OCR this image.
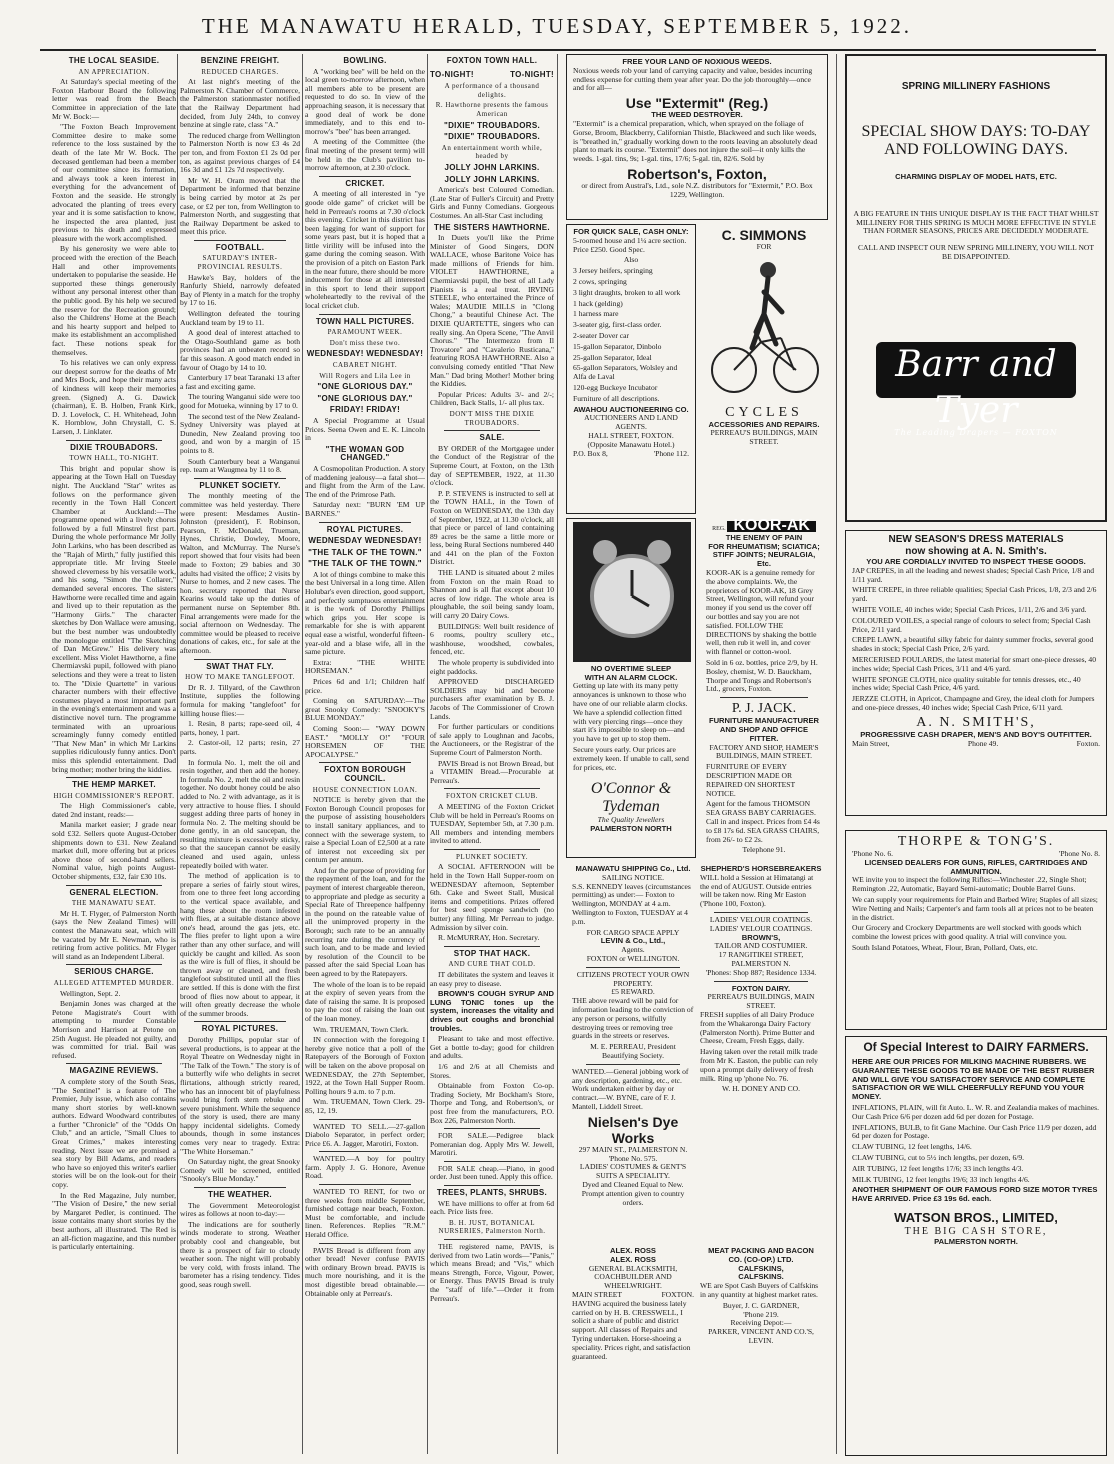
THE MANAWATU HERALD, TUESDAY, SEPTEMBER 5, 1922.
THE LOCAL SEASIDE.
AN APPRECIATION.

At Saturday's special meeting of the Foxton Harbour Board the following letter was read from the Beach Committee in appreciation of the late Mr W. Bock:—

"The Foxton Beach Improvement Committee desire to make some reference to the loss sustained by the death of the late Mr W. Bock. The deceased gentleman had been a member of our committee since its formation, and always took a keen interest in everything for the advancement of Foxton and the seaside. He strongly advocated the planting of trees every year and it is some satisfaction to know, he inspected the area planted, just previous to his death and expressed pleasure with the work accomplished.

By his generosity we were able to proceed with the erection of the Beach Hall and other improvements undertaken to popularise the seaside. He supported these things generously without any personal interest other than the public good. By his help we secured the reserve for the Recreation ground; also the Childrens' Home at the Beach and his hearty support and helped to make its establishment an accomplished fact. These notions speak for themselves.

To his relatives we can only express our deepest sorrow for the deaths of Mr and Mrs Bock, and hope their many acts of kindness will keep their memories green. (Signed) A. G. Dawick (chairman), E. B. Holben, Frank Kirk, D. J. Lovelock, C. H. Whitehead, John K. Hornblow, John Chrystall, C. S. Larsen, J. Linklater.

DIXIE TROUBADORS.
TOWN HALL, TO-NIGHT.

This bright and popular show is appearing at the Town Hall on Tuesday night. The Auckland "Star" writes as follows on the performance given recently in the Town Hall Concert Chamber at Auckland:—The programme opened with a lively chorus followed by a full Minstrel first part. During the whole performance Mr Jolly John Larkins, who has been described as the "Rajah of Mirth," fully justified this appropriate title. Mr Irving Steele showed cleverness by his versatile work, and his song, "Simon the Collarer," demanded several encores. The sisters Hawthorne were recalled time and again and lived up to their reputation as the "Harmony Girls." The character sketches by Don Wallace were amusing, but the best number was undoubtedly the monologue entitled "The Sketching of Dan McGrew." His delivery was excellent. Miss Violet Hawthorne, a fine Chermiavski pupil, followed with piano selections and they were a treat to listen to. The "Dixie Quartette" in various character numbers with their effective costumes played a most important part in the evening's entertainment and was a distinctive novel turn. The programme terminated with an uproarious screamingly funny comedy entitled "That New Man" in which Mr Larkins supplies ridiculously funny antics. Don't miss this splendid entertainment. Dad bring mother; mother bring the kiddies.

THE HEMP MARKET.
HIGH COMMISSIONER'S REPORT.

The High Commissioner's cable, dated 2nd instant, reads:—

Manila market easier; J grade near sold £32. Sellers quote August-October shipments down to £31. New Zealand market dull, more offering but at prices above those of second-hand sellers. Nominal value, high points August-October shipments, £32, fair £30 10s.

GENERAL ELECTION.
THE MANAWATU SEAT.

Mr H. T. Flyger, of Palmerston North (says the New Zealand Times) will contest the Manawatu seat, which will be vacated by Mr E. Newman, who is retiring from active politics. Mr Flyger will stand as an Independent Liberal.

SERIOUS CHARGE.
ALLEGED ATTEMPTED MURDER.

Wellington, Sept. 2.

Benjamin Jones was charged at the Petone Magistrate's Court with attempting to murder Constable Morrison and Harrison at Petone on 25th August. He pleaded not guilty, and was committed for trial. Bail was refused.

MAGAZINE REVIEWS.

A complete story of the South Seas, "The Sentinel" is a feature of The Premier, July issue, which also contains many short stories by well-known authors. Edward Woodward contributes a further "Chronicle" of the "Odds On Club," and an article, "Small Clues to Great Crimes," makes interesting reading. Next issue we are promised a sea story by Bill Adams, and readers who have so enjoyed this writer's earlier stories will be on the look-out for their copy.

In the Red Magazine, July number, "The Vision of Desire," the new serial by Margaret Pedler, is continued. The issue contains many short stories by the best authors, all illustrated. The Red is an all-fiction magazine, and this number is particularly entertaining.

BENZINE FREIGHT.
REDUCED CHARGES.

At last night's meeting of the Palmerston N. Chamber of Commerce, the Palmerston stationmaster notified that the Railway Department had decided, from July 24th, to convey benzine at single rate, class "A."

The reduced charge from Wellington to Palmerston North is now £3 4s 2d per ton, and from Foxton £1 2s 0d per ton, as against previous charges of £4 16s 3d and £1 12s 7d respectively.

Mr W. H. Oram moved that the Department be informed that benzine is being carried by motor at 2s per case, or £2 per ton, from Wellington to Palmerston North, and suggesting that the Railway Department be asked to meet this price.

FOOTBALL.
SATURDAY'S INTER-PROVINCIAL RESULTS.

Hawke's Bay, holders of the Ranfurly Shield, narrowly defeated Bay of Plenty in a match for the trophy by 17 to 16.

Wellington defeated the touring Auckland team by 19 to 11.

A good deal of interest attached to the Otago-Southland game as both provinces had an unbeaten record so far this season. A good match ended in favour of Otago by 14 to 10.

Canterbury 17 beat Taranaki 13 after a fast and exciting game.

The touring Wanganui side were too good for Motueka, winning by 17 to 0.

The second test of the New Zealand-Sydney University was played at Dunedin, New Zealand proving too good, and won by a margin of 15 points to 8.

South Canterbury beat a Wanganui rep. team at Waugmea by 11 to 8.

PLUNKET SOCIETY.

The monthly meeting of the committee was held yesterday. There were present: Mesdames Austin-Johnston (president), F. Robinson, Pearson, F. McDonald, Trueman, Hynes, Christie, Dowley, Moore, Walton, and McMurray. The Nurse's report showed that four visits had been made to Foxton; 29 babies and 30 adults had visited the office; 2 visits by Nurse to homes, and 2 new cases. The hon. secretary reported that Nurse Kearins would take up the duties of permanent nurse on September 8th. Final arrangements were made for the social afternoon on Wednesday. The committee would be pleased to receive donations of cakes, etc., for sale at the afternoon.

SWAT THAT FLY.
HOW TO MAKE TANGLEFOOT.

Dr R. J. Tillyard, of the Cawthron Institute, supplies the following formula for making "tanglefoot" for killing house flies:—

1. Resin, 8 parts; rape-seed oil, 4 parts, honey, 1 part.

2. Castor-oil, 12 parts; resin, 27 parts.

In formula No. 1, melt the oil and resin together, and then add the honey. In formula No. 2, melt the oil and resin together. No doubt honey could be also added to No. 2 with advantage, as it is very attractive to house flies. I should suggest adding three parts of honey in formula No. 2. The melting should be done gently, in an old saucepan, the resulting mixture is excessively sticky, so that the saucepan cannot be easily cleaned and used again, unless repeatedly boiled with water.

The method of application is to prepare a series of fairly stout wires, from one to three feet long according to the vertical space available, and hang these about the room infested with flies, at a suitable distance above one's head, around the gas jets, etc. The flies prefer to light upon a wire rather than any other surface, and will quickly be caught and killed. As soon as the wire is full of flies, it should be thrown away or cleaned, and fresh tanglefoot substituted until all the flies are settled. If this is done with the first brood of flies now about to appear, it will often greatly decrease the whole of the summer broods.

ROYAL PICTURES.

Dorothy Phillips, popular star of several productions, is to appear at the Royal Theatre on Wednesday night in "The Talk of the Town." The story is of a butterfly wife who delights in secret flirtations, although strictly reared, who has an innocent bit of playfulness would bring forth stern rebuke and severe punishment. While the sequence of the story is used, there are many happy incidental sidelights. Comedy abounds, though in some instances comes very near to tragedy. Extra: "The White Horseman."

On Saturday night, the great Snooky Comedy will be screened, entitled "Snooky's Blue Monday."

THE WEATHER.

The Government Meteorologist wires as follows at noon to-day:—

The indications are for southerly winds moderate to strong. Weather probably cool and changeable, but there is a prospect of fair to cloudy weather soon. The night will probably be very cold, with frosts inland. The barometer has a rising tendency. Tides good, seas rough swell.

BOWLING.

A "working bee" will be held on the local green to-morrow afternoon, when all members able to be present are requested to do so. In view of the approaching season, it is necessary that a good deal of work be done immediately, and to this end to-morrow's "bee" has been arranged.

A meeting of the Committee (the final meeting of the present term) will be held in the Club's pavilion to-morrow afternoon, at 2.30 o'clock.

CRICKET.

A meeting of all interested in "ye goode olde game" of cricket will be held in Perreau's rooms at 7.30 o'clock this evening. Cricket in this district has been lagging for want of support for some years past, but it is hoped that a little virility will be infused into the game during the coming season. With the provision of a pitch on Easton Park in the near future, there should be more inducement for those at all interested in this sport to lend their support wholeheartedly to the revival of the local cricket club.

TOWN HALL PICTURES.
PARAMOUNT WEEK.
Don't miss these two.
WEDNESDAY! WEDNESDAY!
CABARET NIGHT.
Will Rogers and Lila Lee in
"ONE GLORIOUS DAY."
"ONE GLORIOUS DAY."
FRIDAY! FRIDAY!

A Special Programme at Usual Prices. Seena Owen and E. K. Lincoln in

"THE WOMAN GOD CHANGED."

A Cosmopolitan Production. A story of maddening jealousy—a fatal shot—and flight from the Arm of the Law. The end of the Primrose Path.

Saturday next: "BURN 'EM UP BARNES."

ROYAL PICTURES.
WEDNESDAY WEDNESDAY!
"THE TALK OF THE TOWN."
"THE TALK OF THE TOWN."

A lot of things combine to make this the best Universal in a long time. Allen Holubar's even direction, good support, and perfectly sumptuous entertainment it is the work of Dorothy Phillips which grips you. Her scope is remarkable for she is with apparent equal ease a wistful, wonderful fifteen-year-old and a blase wife, all in the same picture.

Extra: "THE WHITE HORSEMAN."

Prices 6d and 1/1; Children half price.

Coming on SATURDAY:—The great Snooky Comedy: "SNOOKY'S BLUE MONDAY."

Coming Soon:— "WAY DOWN EAST." "MOLLY O!" "FOUR HORSEMEN OF THE APOCALYPSE."

FOXTON BOROUGH COUNCIL.
HOUSE CONNECTION LOAN.

NOTICE is hereby given that the Foxton Borough Council proposes for the purpose of assisting householders to install sanitary appliances, and to connect with the sewerage system, to raise a Special Loan of £2,500 at a rate of interest not exceeding six per centum per annum.

And for the purpose of providing for the repayment of the loan, and for the payment of interest chargeable thereon, to appropriate and pledge as security a Special Rate of Threepence halfpenny in the pound on the rateable value of all the unimproved property in the Borough; such rate to be an annually recurring rate during the currency of such loan, and to be made and levied by resolution of the Council to be passed after the said Special Loan has been agreed to by the Ratepayers.

The whole of the loan is to be repaid at the expiry of seven years from the date of raising the same. It is proposed to pay the cost of raising the loan out of the loan money.

Wm. TRUEMAN, Town Clerk.

IN connection with the foregoing I hereby give notice that a poll of the Ratepayers of the Borough of Foxton will be taken on the above proposal on WEDNESDAY, the 27th September, 1922, at the Town Hall Supper Room. Polling hours 9 a.m. to 7 p.m.

Wm. TRUEMAN, Town Clerk. 29-85, 12, 19.

WANTED TO SELL.—27-gallon Diabolo Separator, in perfect order; Price £6. A. Jagger, Marotiri, Foxton.

WANTED.—A boy for poultry farm. Apply J. G. Honore, Avenue Road.

WANTED TO RENT, for two or three weeks from middle September, furnished cottage near beach, Foxton. Must be comfortable, and include linen. References. Replies "R.M." Herald Office.

PAVIS Bread is different from any other bread! Never confuse PAVIS with ordinary Brown bread. PAVIS is much more nourishing, and it is the most digestible bread obtainable.—Obtainable only at Perreau's.

FOXTON TOWN HALL.
TO-NIGHT!	TO-NIGHT!
A performance of a thousand delights.
R. Hawthorne presents the famous American
"DIXIE" TROUBADORS.
"DIXIE" TROUBADORS.
An entertainment worth while, headed by
JOLLY JOHN LARKINS.
JOLLY JOHN LARKINS.

America's best Coloured Comedian. (Late Star of Fuller's Circuit) and Pretty Girls and Funny Comedians. Gorgeous Costumes. An all-Star Cast including

THE SISTERS HAWTHORNE.

In Duets you'll like the Prime Minister of Good Singers, DON WALLACE, whose Baritone Voice has made millions of Friends for him. VIOLET HAWTHORNE, a Chermiavski pupil, the best of all Lady Pianists is a real treat. IRVING STEELE, who entertained the Prince of Wales; MAUDIE MILLS in "Clong Chong," a beautiful Chinese Act. The DIXIE QUARTETTE, singers who can really sing. An Opera Scene, "The Anvil Chorus." "The Intermezzo from Il Trovatore" and "Cavalerio Rusticana," featuring ROSA HAWTHORNE. Also a convulsing comedy entitled "That New Man." Dad bring Mother! Mother bring the Kiddies.

Popular Prices: Adults 3/- and 2/-; Children, Back Stalls, 1/- all plus tax.

DON'T MISS THE DIXIE TROUBADORS.
SALE.

BY ORDER of the Mortgagee under the Conduct of the Registrar of the Supreme Court, at Foxton, on the 13th day of SEPTEMBER, 1922, at 11.30 o'clock.

P. P. STEVENS is instructed to sell at the TOWN HALL, in the Town of Foxton on WEDNESDAY, the 13th day of September, 1922, at 11.30 o'clock, all that piece or parcel of land containing 89 acres be the same a little more or less, being Rural Sections numbered 440 and 441 on the plan of the Foxton District.

THE LAND is situated about 2 miles from Foxton on the main Road to Shannon and is all flat except about 10 acres of low ridge. The whole area is ploughable, the soil being sandy loam, will carry 20 Dairy Cows.

BUILDINGS: Well built residence of 6 rooms, poultry scullery etc., washhouse, woodshed, cowbales, fenced, etc.

The whole property is subdivided into eight paddocks.

APPROVED DISCHARGED SOLDIERS may bid and become purchasers after examination by B. J. Jacobs of The Commissioner of Crown Lands.

For further particulars or conditions of sale apply to Loughnan and Jacobs, the Auctioneers, or the Registrar of the Supreme Court of Palmerston North.

PAVIS Bread is not Brown Bread, but a VITAMIN Bread.—Procurable at Perreau's.

FOXTON CRICKET CLUB.

A MEETING of the Foxton Cricket Club will be held in Perreau's Rooms on TUESDAY, September 5th, at 7.30 p.m. All members and intending members invited to attend.

PLUNKET SOCIETY.

A SOCIAL AFTERNOON will be held in the Town Hall Supper-room on WEDNESDAY afternoon, September 6th. Cake and Sweet Stall, Musical items and competitions. Prizes offered for best seed sponge sandwich (no butter) any filling. Mr Perreau to judge. Admission by silver coin.

R. McMURRAY, Hon. Secretary.

STOP THAT HACK.
AND CURE THAT COLD.

IT debilitates the system and leaves it an easy prey to disease.

BROWN'S COUGH SYRUP AND LUNG TONIC tones up the system, increases the vitality and drives out coughs and bronchial troubles.

Pleasant to take and most effective. Get a bottle to-day; good for children and adults.

1/6 and 2/6 at all Chemists and Stores.

Obtainable from Foxton Co-op. Trading Society, Mr Bockham's Store, Thorpe and Tong, and Robertson's, or post free from the manufacturers, P.O. Box 226, Palmerston North.

FOR SALE.—Pedigree black Pomeranian dog. Apply Mrs W. Jewell, Marotiri.

FOR SALE cheap.—Piano, in good order. Just been tuned. Apply this office.

TREES, PLANTS, SHRUBS.

WE have millions to offer at from 6d each. Price lists free.

B. H. JUST, BOTANICAL NURSERIES, Palmerston North.

THE registered name, PAVIS, is derived from two Latin words—"Panis," which means Bread; and "Vis," which means Strength, Force, Vigour, Power, or Energy. Thus PAVIS Bread is truly the "staff of life."—Order it from Perreau's.

FREE YOUR LAND OF NOXIOUS WEEDS.

Noxious weeds rob your land of carrying capacity and value, besides incurring endless expense for cutting them year after year. Do the job thoroughly—once and for all—

Use "Extermit" (Reg.)
THE WEED DESTROYER.

"Extermit" is a chemical preparation, which, when sprayed on the foliage of Gorse, Broom, Blackberry, Californian Thistle, Blackweed and such like weeds, is "breathed in," gradually working down to the roots leaving an absolutely dead plant to mark its course. "Extermit" does not injure the soil—it only kills the weeds. 1-gal. tins, 9s; 1-gal. tins, 17/6; 5-gal. tin, 82/6. Sold by

Robertson's, Foxton,

or direct from Austral's, Ltd., sole N.Z. distributors for "Extermit," P.O. Box 1229, Wellington.

FOR QUICK SALE, CASH ONLY:

5-roomed house and 1¼ acre section. Price £250. Good Spec.

Also

3 Jersey heifers, springing

2 cows, springing

3 light draughts, broken to all work

1 hack (gelding)

1 harness mare

3-seater gig, first-class order.

2-seater Dover car

15-gallon Separator, Dinbolo

25-gallon Separator, Ideal

65-gallon Separators, Wolsley and Alfa de Laval

120-egg Buckeye Incubator

Furniture of all descriptions.

AWAHOU AUCTIONEERING CO.
AUCTIONEERS AND LAND AGENTS.
HALL STREET, FOXTON.
(Opposite Manawatu Hotel.)
P.O. Box 8,	'Phone 112.
C. SIMMONS
FOR
CYCLES
ACCESSORIES AND REPAIRS.
PERREAU'S BUILDINGS, MAIN STREET.
SPRING MILLINERY FASHIONS
SPECIAL SHOW DAYS: TO-DAY AND FOLLOWING DAYS.
CHARMING DISPLAY OF MODEL HATS, ETC.

A BIG FEATURE IN THIS UNIQUE DISPLAY IS THE FACT THAT WHILST MILLINERY FOR THIS SPRING IS MUCH MORE EFFECTIVE IN STYLE THAN FORMER SEASONS, PRICES ARE DECIDEDLY MODERATE.

CALL AND INSPECT OUR NEW SPRING MILLINERY, YOU WILL NOT BE DISAPPOINTED.

Barr and Tyer
The Leading Drapers — FOXTON
NO OVERTIME SLEEP
WITH AN ALARM CLOCK.

Getting up late with its many petty annoyances is unknown to those who have one of our reliable alarm clocks. We have a splendid collection fitted with very piercing rings—once they start it's impossible to sleep on—and you have to get up to stop them.

Secure yours early. Our prices are extremely keen. If unable to call, send for prices, etc.

O'Connor & Tydeman
The Quality Jewellers
PALMERSTON NORTH
REG. KOOR-AK
THE ENEMY OF PAIN
FOR RHEUMATISM; SCIATICA;
STIFF JOINTS; NEURALGIA, Etc.

KOOR-AK is a genuine remedy for the above complaints. We, the proprietors of KOOR-AK, 18 Grey Street, Wellington, will refund your money if you send us the cover off our bottles and say you are not satisfied. FOLLOW THE DIRECTIONS by shaking the bottle well, then rub it well in, and cover with flannel or cotton-wool.

Sold in 6 oz. bottles, price 2/9, by H. Bosley, chemist, W. D. Bauckham, Thorpe and Tongs and Robertson's Ltd., grocers, Foxton.

P. J. JACK.
FURNITURE MANUFACTURER AND SHOP AND OFFICE FITTER.

FACTORY AND SHOP, HAMER'S BUILDINGS, MAIN STREET.

FURNITURE OF EVERY DESCRIPTION MADE OR REPAIRED ON SHORTEST NOTICE.

Agent for the famous THOMSON SEA GRASS BABY CARRIAGES. Call in and inspect. Prices from £4 4s to £8 17s 6d. SEA GRASS CHAIRS, from 26/- to £2 2s.

Telephone 91.

NEW SEASON'S DRESS MATERIALS
now showing at A. N. Smith's.
YOU ARE CORDIALLY INVITED TO INSPECT THESE GOODS.

JAP CREPES, in all the leading and newest shades; Special Cash Price, 1/8 and 1/11 yard.

WHITE CREPE, in three reliable qualities; Special Cash Prices, 1/8, 2/3 and 2/6 yard.

WHITE VOILE, 40 inches wide; Special Cash Prices, 1/11, 2/6 and 3/6 yard.

COLOURED VOILES, a special range of colours to select from; Special Cash Price, 2/11 yard.

CREPE LAWN, a beautiful silky fabric for dainty summer frocks, several good shades in stock; Special Cash Price, 2/6 yard.

MERCERISED FOULARDS, the latest material for smart one-piece dresses, 40 inches wide; Special Cash Prices, 3/11 and 4/6 yard.

WHITE SPONGE CLOTH, nice quality suitable for tennis dresses, etc., 40 inches wide; Special Cash Price, 4/6 yard.

JERZZE CLOTH, in Apricot, Champagne and Grey, the ideal cloth for Jumpers and one-piece dresses, 40 inches wide; Special Cash Price, 6/11 yard.

A. N. SMITH'S,
PROGRESSIVE CASH DRAPER, MEN'S AND BOY'S OUTFITTER.
Main Street,	Phone 49.	Foxton.
MANAWATU SHIPPING Co., Ltd.
SAILING NOTICE.

S.S. KENNEDY leaves (circumstances permitting) as under:— Foxton to Wellington, MONDAY at 4 a.m. Wellington to Foxton, TUESDAY at 4 p.m.

FOR CARGO SPACE APPLY
LEVIN & Co., Ltd.,
Agents.
FOXTON or WELLINGTON.
CITIZENS PROTECT YOUR OWN PROPERTY.
£5 REWARD.

THE above reward will be paid for information leading to the conviction of any person or persons, wilfully destroying trees or removing tree guards in the streets or reserves.

M. E. PERREAU, President Beautifying Society.

WANTED.—General jobbing work of any description, gardening, etc., etc. Work undertaken either by day or contract.—W. BYNE, care of F. J. Mantell, Liddell Street.

Nielsen's Dye Works
297 MAIN ST., PALMERSTON N.
'Phone No. 575.
LADIES' COSTUMES & GENT'S SUITS A SPECIALITY.

Dyed and Cleaned Equal to New. Prompt attention given to country orders.

SHEPHERD'S HORSEBREAKERS

WILL hold a Session at Himatangi at the end of AUGUST. Outside entries will be taken now. Ring Mr Easton ('Phone 100, Foxton).

LADIES' VELOUR COATINGS.
LADIES' VELOUR COATINGS.
BROWN'S,
TAILOR AND COSTUMIER.
17 RANGITIKEI STREET, PALMERSTON N.
'Phones: Shop 887; Residence 1334.
FOXTON DAIRY.
PERREAU'S BUILDINGS, MAIN STREET.

FRESH supplies of all Dairy Produce from the Whakaronga Dairy Factory (Palmerston North). Prime Butter and Cheese, Cream, Fresh Eggs, daily.

Having taken over the retail milk trade from Mr K. Easton, the public can rely upon a prompt daily delivery of fresh milk. Ring up 'phone No. 76.

W. H. DONEY AND CO.
ALEX. ROSS
ALEX. ROSS
GENERAL BLACKSMITH, COACHBUILDER AND WHEELWRIGHT.
MAIN STREET	FOXTON.

HAVING acquired the business lately carried on by H. B. CRESSWELL, I solicit a share of public and district support. All classes of Repairs and Tyring undertaken. Horse-shoeing a speciality. Prices right, and satisfaction guaranteed.

MEAT PACKING AND BACON
CO. (CO-OP.) LTD.
CALFSKINS,
CALFSKINS.

WE are Spot Cash Buyers of Calfskins in any quantity at highest market rates.

Buyer, J. C. GARDNER,
'Phone 219.
Receiving Depot:—
PARKER, VINCENT AND CO.'S, LEVIN.
THORPE & TONG'S.
'Phone No. 6.	'Phone No. 8.
LICENSED DEALERS FOR GUNS, RIFLES, CARTRIDGES AND AMMUNITION.

WE invite you to inspect the following Rifles:—Winchester .22, Single Shot; Remington .22, Automatic, Bayard Semi-automatic; Double Barrel Guns.

We can supply your requirements for Plain and Barbed Wire; Staples of all sizes; Wire Netting and Nails; Carpenter's and farm tools all at prices not to be beaten in the district.

Our Grocery and Crockery Departments are well stocked with goods which combine the lowest prices with good quality. A trial will convince you.

South Island Potatoes, Wheat, Flour, Bran, Pollard, Oats, etc.

Of Special Interest to DAIRY FARMERS.

HERE ARE OUR PRICES FOR MILKING MACHINE RUBBERS. WE GUARANTEE THESE GOODS TO BE MADE OF THE BEST RUBBER AND WILL GIVE YOU SATISFACTORY SERVICE AND COMPLETE SATISFACTION OR WE WILL CHEERFULLY REFUND YOU YOUR MONEY.

INFLATIONS, PLAIN, will fit Auto. L. W. R. and Zealandia makes of machines. Our Cash Price 6/6 per dozen add 6d per dozen for Postage.

INFLATIONS, BULB, to fit Gane Machine. Our Cash Price 11/9 per dozen, add 6d per dozen for Postage.

CLAW TUBING, 12 feet lengths, 14/6.

CLAW TUBING, cut to 5½ inch lengths, per dozen, 6/9.

AIR TUBING, 12 feet lengths 17/6; 33 inch lengths 4/3.

MILK TUBING, 12 feet lengths 19/6; 33 inch lengths 4/6.

ANOTHER SHIPMENT OF OUR FAMOUS FORD SIZE MOTOR TYRES HAVE ARRIVED. Price £3 19s 6d. each.

WATSON BROS., LIMITED,
THE BIG CASH STORE,
PALMERSTON NORTH.
